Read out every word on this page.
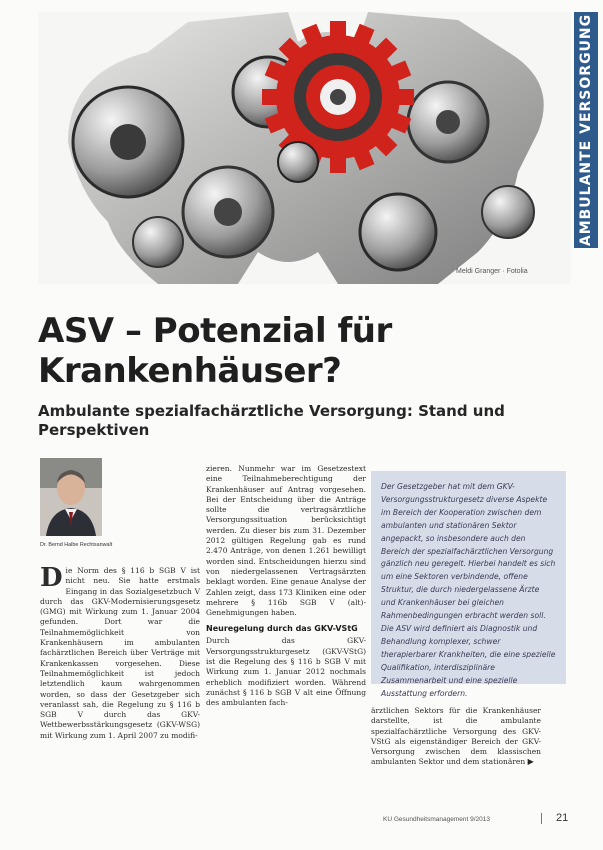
Meldi Granger · Fotolia
AMBULANTE VERSORGUNG
ASV – Potenzial für Krankenhäuser?
Ambulante spezialfachärztliche Versorgung: Stand und Perspektiven
Dr. Bernd Halbe Rechtsanwalt
D ie Norm des § 116 b SGB V ist nicht neu. Sie hatte erstmals Eingang in das Sozialgesetzbuch V durch das GKV-Modernisierungsgesetz (GMG) mit Wirkung zum 1. Januar 2004 gefunden. Dort war die Teilnahmemöglichkeit von Krankenhäusern im ambulanten fachärztlichen Bereich über Verträge mit Krankenkassen vorgesehen. Diese Teilnahmemöglichkeit ist jedoch letztendlich kaum wahrgenommen worden, so dass der Gesetzgeber sich veranlasst sah, die Regelung zu § 116 b SGB V durch das GKV-Wettbewerbsstärkungsgesetz (GKV-WSG) mit Wirkung zum 1. April 2007 zu modifi-

zieren. Nunmehr war im Gesetzestext eine Teilnahmeberechtigung der Krankenhäuser auf Antrag vorgesehen. Bei der Entscheidung über die Anträge sollte die vertragsärztliche Versorgungssituation berücksichtigt werden. Zu dieser bis zum 31. Dezember 2012 gültigen Regelung gab es rund 2.470 Anträge, von denen 1.261 bewilligt worden sind. Entscheidungen hierzu sind von niedergelassenen Vertragsärzten beklagt worden. Eine genaue Analyse der Zahlen zeigt, dass 173 Kliniken eine oder mehrere § 116b SGB V (alt)-Genehmigungen haben.

Neuregelung durch das GKV-VStG

Durch das GKV-Versorgungsstrukturgesetz (GKV-VStG) ist die Regelung des § 116 b SGB V mit Wirkung zum 1. Januar 2012 nochmals erheblich modifiziert worden. Während zunächst § 116 b SGB V alt eine Öffnung des ambulanten fach-

Der Gesetzgeber hat mit dem GKV-Versorgungsstrukturgesetz diverse Aspekte im Bereich der Kooperation zwischen dem ambulanten und stationären Sektor angepackt, so insbesondere auch den Bereich der spezialfachärztlichen Versorgung gänzlich neu geregelt. Hierbei handelt es sich um eine Sektoren verbindende, offene Struktur, die durch niedergelassene Ärzte und Krankenhäuser bei gleichen Rahmenbedingungen erbracht werden soll. Die ASV wird definiert als Diagnostik und Behandlung komplexer, schwer therapierbarer Krankheiten, die eine spezielle Qualifikation, interdisziplinäre Zusammenarbeit und eine spezielle Ausstattung erfordern.

ärztlichen Sektors für die Krankenhäuser darstellte, ist die ambulante spezialfachärztliche Versorgung des GKV-VStG als eigenständiger Bereich der GKV-Versorgung zwischen dem klassischen ambulanten Sektor und dem stationären ▶

KU Gesundheitsmanagement 9/2013	21
